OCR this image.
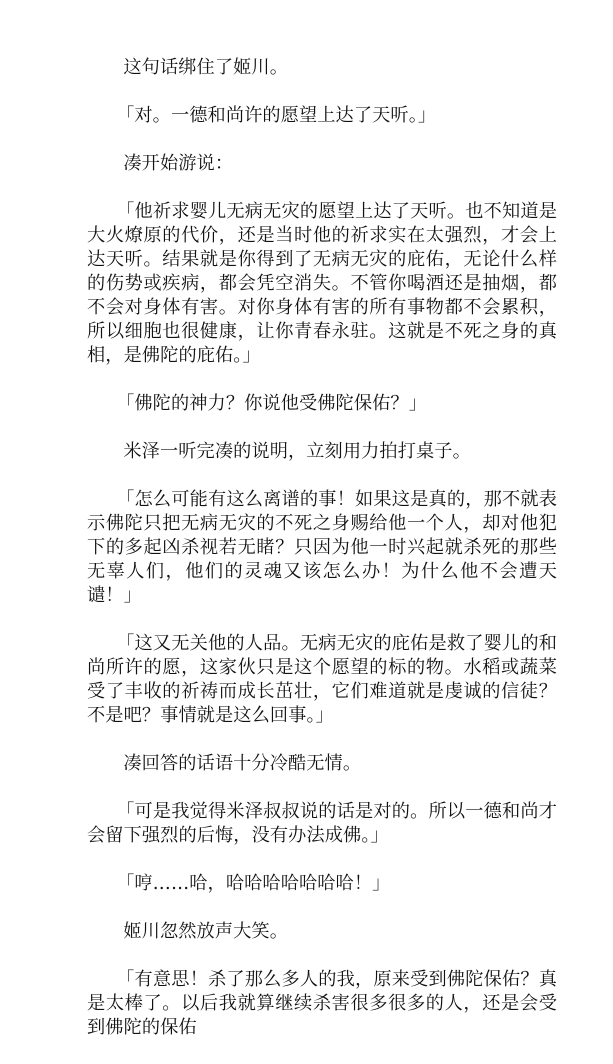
这句话绑住了姬川。

「对。一德和尚许的愿望上达了天听。」

凑开始游说：

「他祈求婴儿无病无灾的愿望上达了天听。也不知道是大火燎原的代价，还是当时他的祈求实在太强烈，才会上达天听。结果就是你得到了无病无灾的庇佑，无论什么样的伤势或疾病，都会凭空消失。不管你喝酒还是抽烟，都不会对身体有害。对你身体有害的所有事物都不会累积，所以细胞也很健康，让你青春永驻。这就是不死之身的真相，是佛陀的庇佑。」

「佛陀的神力？你说他受佛陀保佑？」

米泽一听完凑的说明，立刻用力拍打桌子。

「怎么可能有这么离谱的事！如果这是真的，那不就表示佛陀只把无病无灾的不死之身赐给他一个人，却对他犯下的多起凶杀视若无睹？只因为他一时兴起就杀死的那些无辜人们，他们的灵魂又该怎么办！为什么他不会遭天谴！」

「这又无关他的人品。无病无灾的庇佑是救了婴儿的和尚所许的愿，这家伙只是这个愿望的标的物。水稻或蔬菜受了丰收的祈祷而成长茁壮，它们难道就是虔诚的信徒？不是吧？事情就是这么回事。」

凑回答的话语十分冷酷无情。

「可是我觉得米泽叔叔说的话是对的。所以一德和尚才会留下强烈的后悔，没有办法成佛。」

「哼……哈，哈哈哈哈哈哈哈！」

姬川忽然放声大笑。

「有意思！杀了那么多人的我，原来受到佛陀保佑？真是太棒了。以后我就算继续杀害很多很多的人，还是会受到佛陀的保佑
